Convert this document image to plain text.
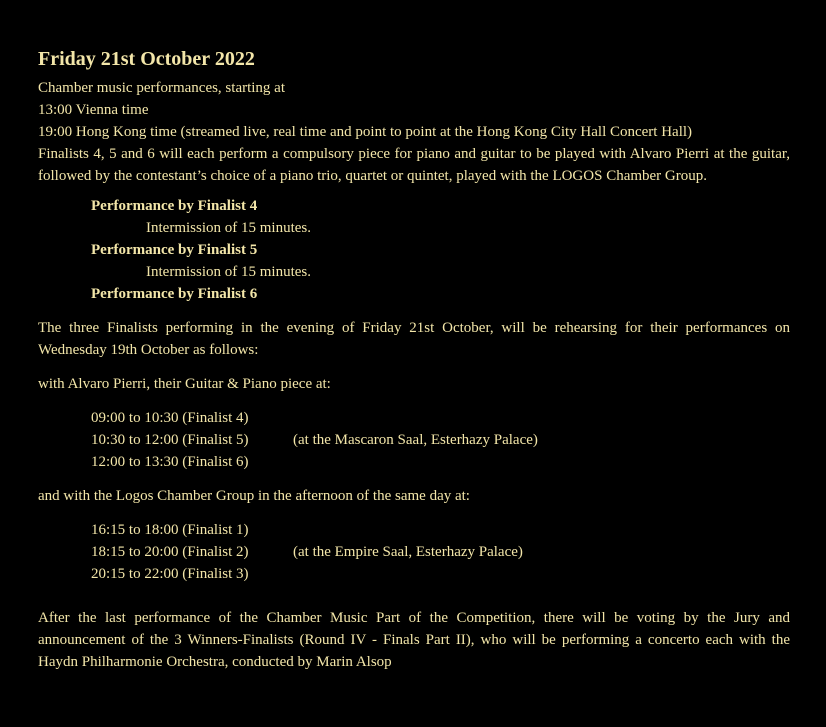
Friday 21st October 2022
Chamber music performances, starting at
13:00 Vienna time
19:00 Hong Kong time (streamed live, real time and point to point at the Hong Kong City Hall Concert Hall)
Finalists 4, 5 and 6 will each perform a compulsory piece for piano and guitar to be played with Alvaro Pierri at the guitar, followed by the contestant’s choice of a piano trio, quartet or quintet, played with the LOGOS Chamber Group.
Performance by Finalist 4
Intermission of 15 minutes.
Performance by Finalist 5
Intermission of 15 minutes.
Performance by Finalist 6
The three Finalists performing in the evening of Friday 21st October, will be rehearsing for their performances on Wednesday 19th October as follows:
with Alvaro Pierri, their Guitar & Piano piece at:
09:00 to 10:30 (Finalist 4)
10:30 to 12:00 (Finalist 5)	(at the Mascaron Saal, Esterhazy Palace)
12:00 to 13:30 (Finalist 6)
and with the Logos Chamber Group in the afternoon of the same day at:
16:15 to 18:00 (Finalist 1)
18:15 to 20:00 (Finalist 2)	(at the Empire Saal, Esterhazy Palace)
20:15 to 22:00 (Finalist 3)
After the last performance of the Chamber Music Part of the Competition, there will be voting by the Jury and announcement of the 3 Winners-Finalists (Round IV - Finals Part II), who will be performing a concerto each with the Haydn Philharmonie Orchestra, conducted by Marin Alsop
